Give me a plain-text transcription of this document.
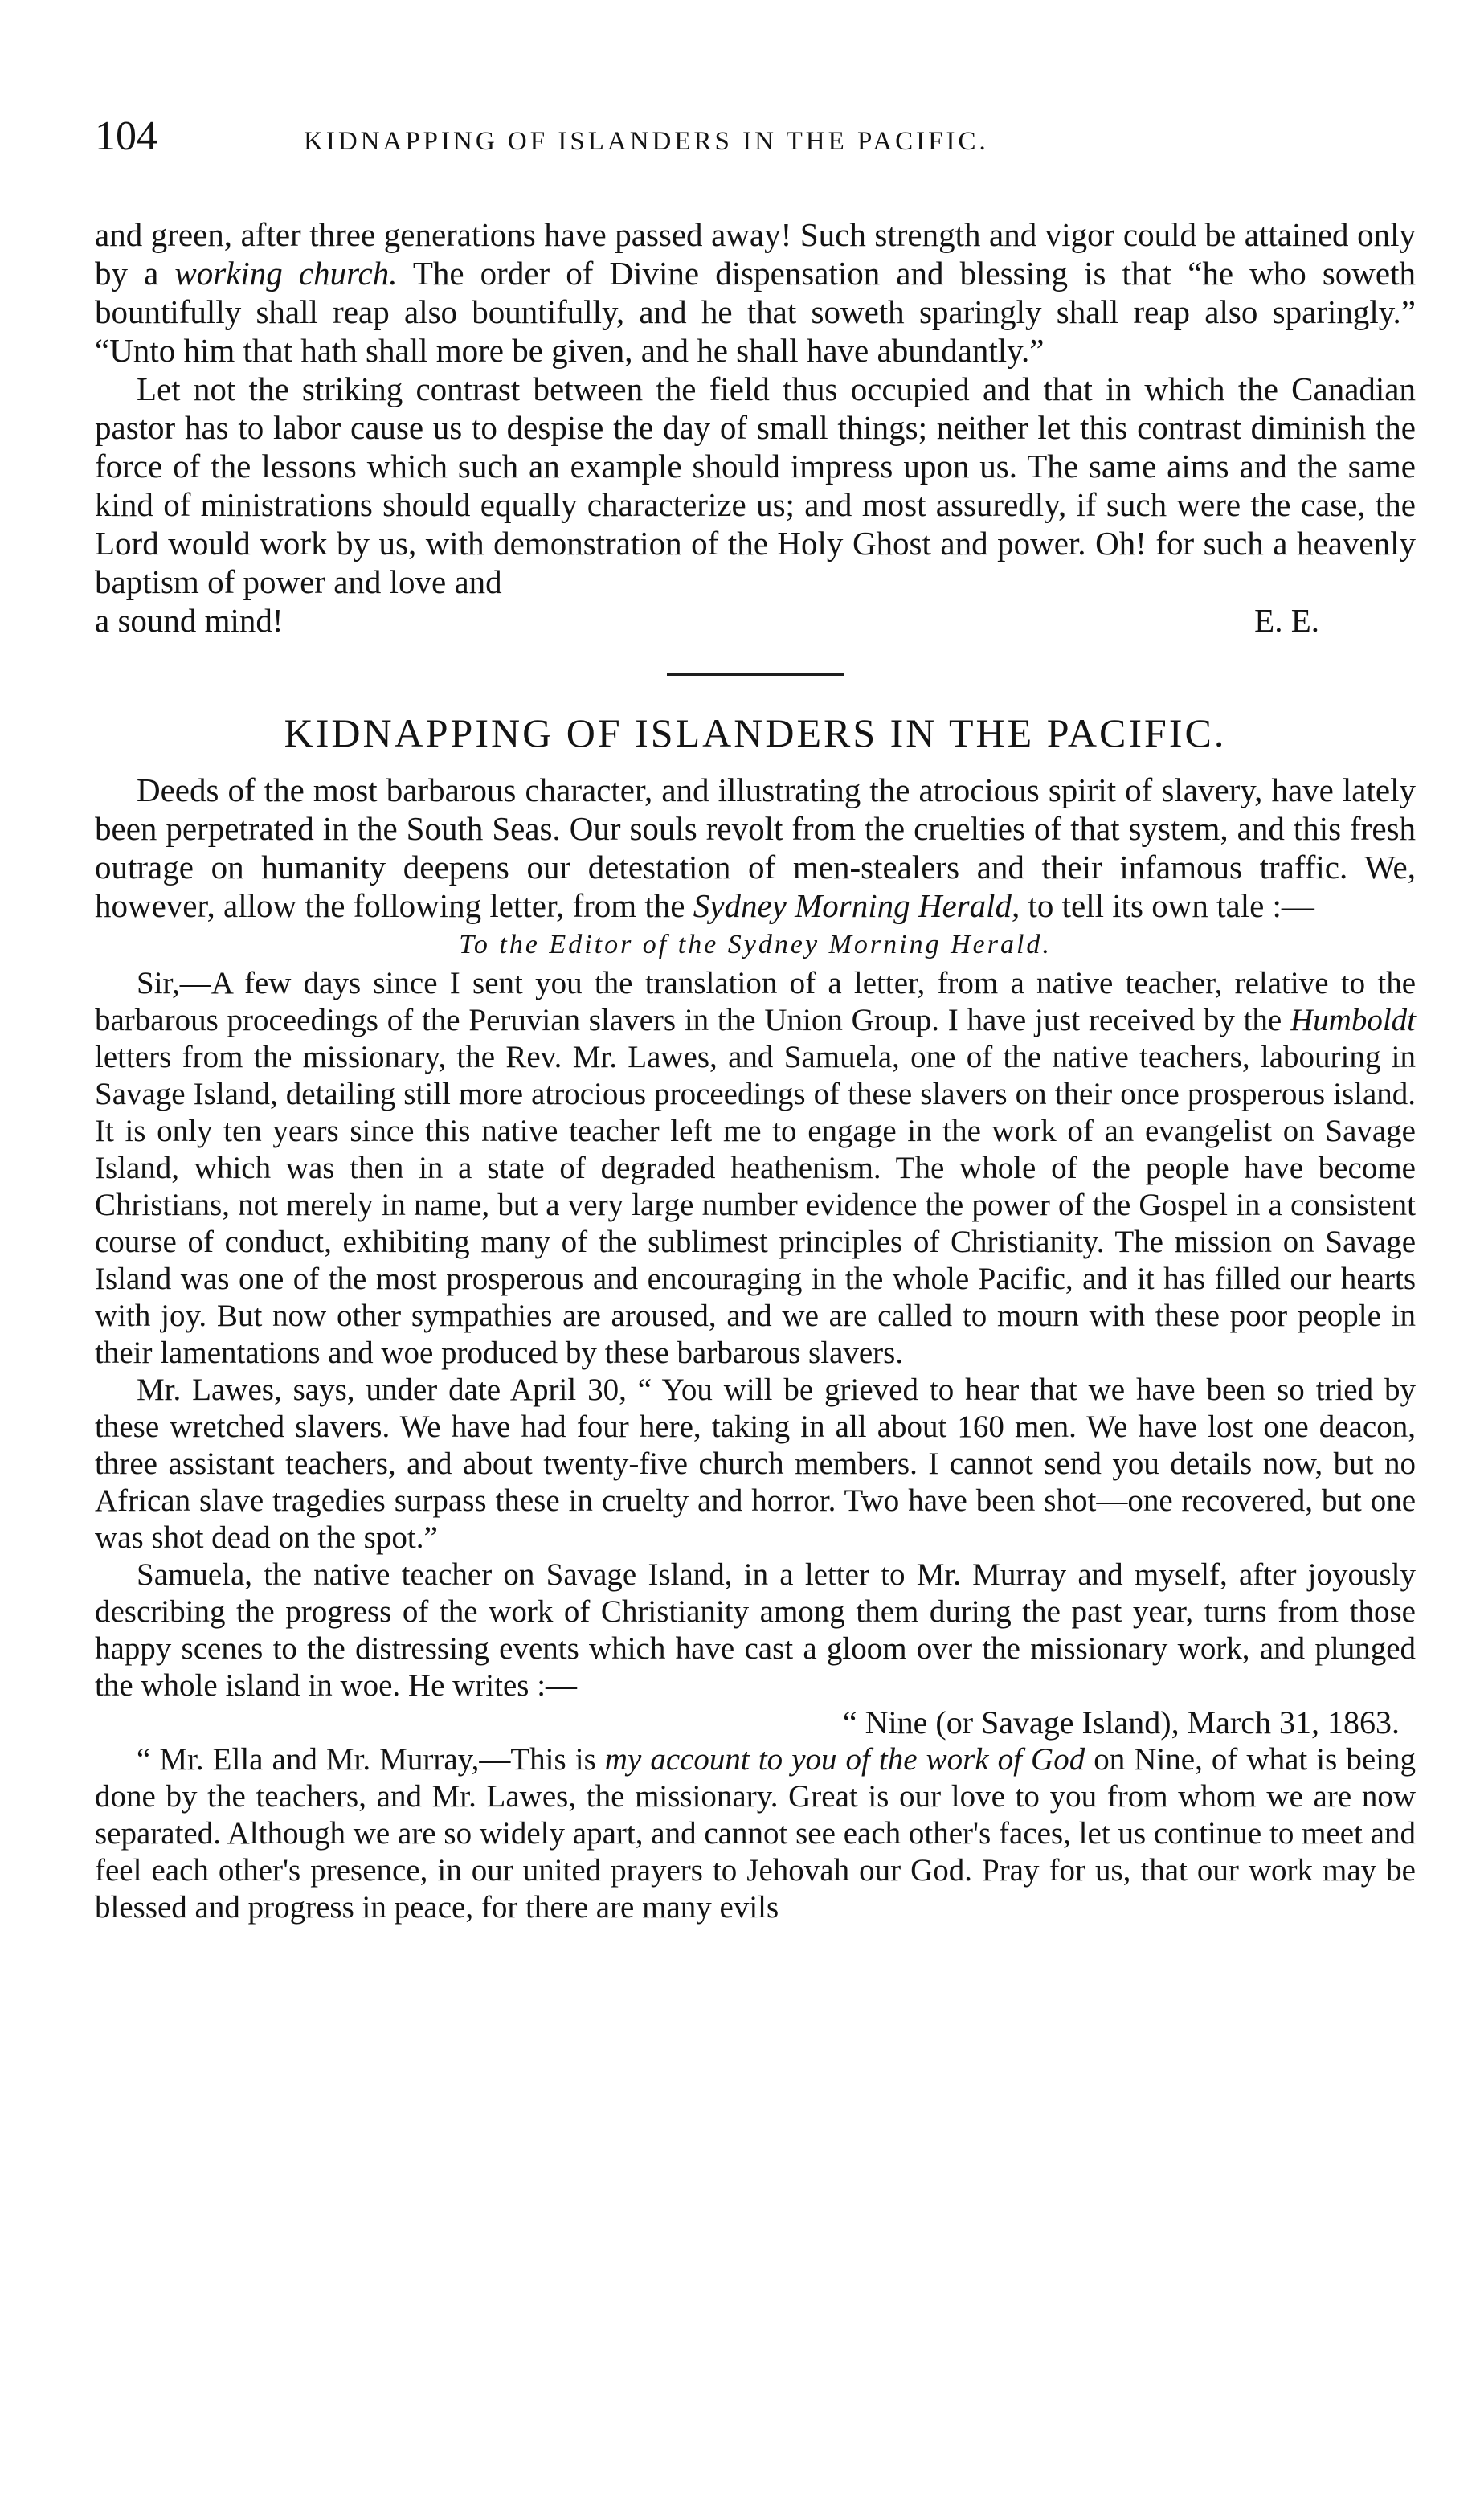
104	KIDNAPPING OF ISLANDERS IN THE PACIFIC.

and green, after three generations have passed away! Such strength and vigor could be attained only by a working church. The order of Divine dispensation and blessing is that “he who soweth bountifully shall reap also bountifully, and he that soweth sparingly shall reap also sparingly.” “Unto him that hath shall more be given, and he shall have abundantly.”

Let not the striking contrast between the field thus occupied and that in which the Canadian pastor has to labor cause us to despise the day of small things; neither let this contrast diminish the force of the lessons which such an example should impress upon us. The same aims and the same kind of ministrations should equally characterize us; and most assuredly, if such were the case, the Lord would work by us, with demonstration of the Holy Ghost and power. Oh! for such a heavenly baptism of power and love and

a sound mind!	E. E.
KIDNAPPING OF ISLANDERS IN THE PACIFIC.

Deeds of the most barbarous character, and illustrating the atrocious spirit of slavery, have lately been perpetrated in the South Seas. Our souls revolt from the cruelties of that system, and this fresh outrage on humanity deepens our detestation of men-stealers and their infamous traffic. We, however, allow the following letter, from the Sydney Morning Herald, to tell its own tale :—

To the Editor of the Sydney Morning Herald.

Sir,—A few days since I sent you the translation of a letter, from a native teacher, relative to the barbarous proceedings of the Peruvian slavers in the Union Group. I have just received by the Humboldt letters from the missionary, the Rev. Mr. Lawes, and Samuela, one of the native teachers, labouring in Savage Island, detailing still more atrocious proceedings of these slavers on their once prosperous island. It is only ten years since this native teacher left me to engage in the work of an evangelist on Savage Island, which was then in a state of degraded heathenism. The whole of the people have become Christians, not merely in name, but a very large number evidence the power of the Gospel in a consistent course of conduct, exhibiting many of the sublimest principles of Christianity. The mission on Savage Island was one of the most prosperous and encouraging in the whole Pacific, and it has filled our hearts with joy. But now other sympathies are aroused, and we are called to mourn with these poor people in their lamentations and woe produced by these barbarous slavers.

Mr. Lawes, says, under date April 30, “ You will be grieved to hear that we have been so tried by these wretched slavers. We have had four here, taking in all about 160 men. We have lost one deacon, three assistant teachers, and about twenty-five church members. I cannot send you details now, but no African slave tragedies surpass these in cruelty and horror. Two have been shot—one recovered, but one was shot dead on the spot.”

Samuela, the native teacher on Savage Island, in a letter to Mr. Murray and myself, after joyously describing the progress of the work of Christianity among them during the past year, turns from those happy scenes to the distressing events which have cast a gloom over the missionary work, and plunged the whole island in woe. He writes :—

“ Nine (or Savage Island), March 31, 1863.

“ Mr. Ella and Mr. Murray,—This is my account to you of the work of God on Nine, of what is being done by the teachers, and Mr. Lawes, the missionary. Great is our love to you from whom we are now separated. Although we are so widely apart, and cannot see each other's faces, let us continue to meet and feel each other's presence, in our united prayers to Jehovah our God. Pray for us, that our work may be blessed and progress in peace, for there are many evils
